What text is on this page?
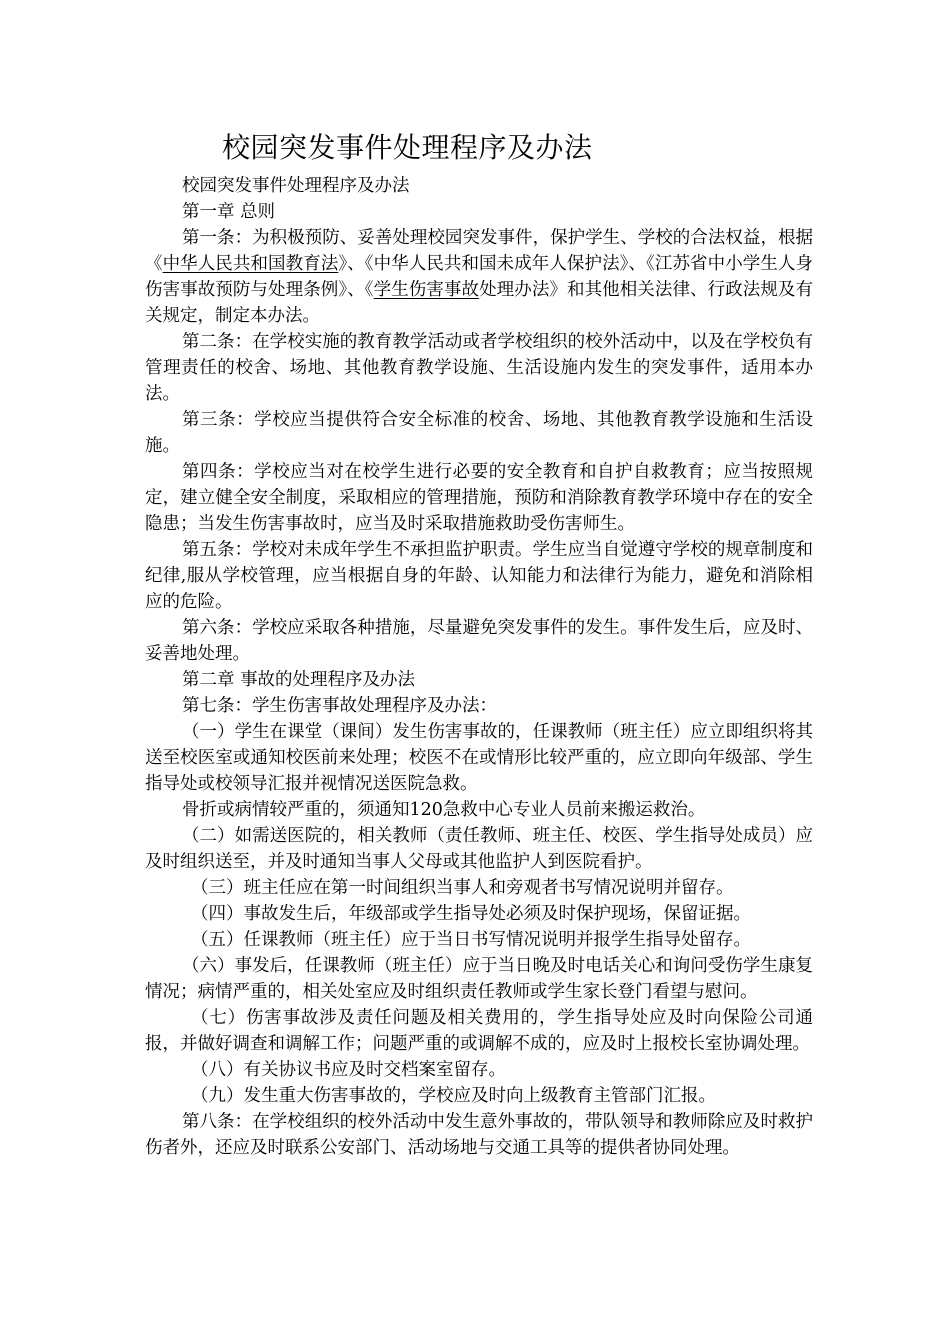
校园突发事件处理程序及办法

校园突发事件处理程序及办法

第一章 总则

第一条：为积极预防、妥善处理校园突发事件，保护学生、学校的合法权益，根据《中华人民共和国教育法》、《中华人民共和国未成年人保护法》、《江苏省中小学生人身伤害事故预防与处理条例》、《学生伤害事故处理办法》和其他相关法律、行政法规及有关规定，制定本办法。

第二条：在学校实施的教育教学活动或者学校组织的校外活动中，以及在学校负有管理责任的校舍、场地、其他教育教学设施、生活设施内发生的突发事件，适用本办法。

第三条：学校应当提供符合安全标准的校舍、场地、其他教育教学设施和生活设施。

第四条：学校应当对在校学生进行必要的安全教育和自护自救教育；应当按照规定，建立健全安全制度，采取相应的管理措施，预防和消除教育教学环境中存在的安全隐患；当发生伤害事故时，应当及时采取措施救助受伤害师生。

第五条：学校对未成年学生不承担监护职责。学生应当自觉遵守学校的规章制度和纪律,服从学校管理，应当根据自身的年龄、认知能力和法律行为能力，避免和消除相应的危险。

第六条：学校应采取各种措施，尽量避免突发事件的发生。事件发生后，应及时、妥善地处理。

第二章 事故的处理程序及办法

第七条：学生伤害事故处理程序及办法：

（一）学生在课堂（课间）发生伤害事故的，任课教师（班主任）应立即组织将其送至校医室或通知校医前来处理；校医不在或情形比较严重的，应立即向年级部、学生指导处或校领导汇报并视情况送医院急救。

骨折或病情较严重的，须通知120急救中心专业人员前来搬运救治。

（二）如需送医院的，相关教师（责任教师、班主任、校医、学生指导处成员）应及时组织送至，并及时通知当事人父母或其他监护人到医院看护。

（三）班主任应在第一时间组织当事人和旁观者书写情况说明并留存。

（四）事故发生后，年级部或学生指导处必须及时保护现场，保留证据。

（五）任课教师（班主任）应于当日书写情况说明并报学生指导处留存。

（六）事发后，任课教师（班主任）应于当日晚及时电话关心和询问受伤学生康复情况；病情严重的，相关处室应及时组织责任教师或学生家长登门看望与慰问。

（七）伤害事故涉及责任问题及相关费用的，学生指导处应及时向保险公司通报，并做好调查和调解工作；问题严重的或调解不成的，应及时上报校长室协调处理。

（八）有关协议书应及时交档案室留存。

（九）发生重大伤害事故的，学校应及时向上级教育主管部门汇报。

第八条：在学校组织的校外活动中发生意外事故的，带队领导和教师除应及时救护伤者外，还应及时联系公安部门、活动场地与交通工具等的提供者协同处理。
